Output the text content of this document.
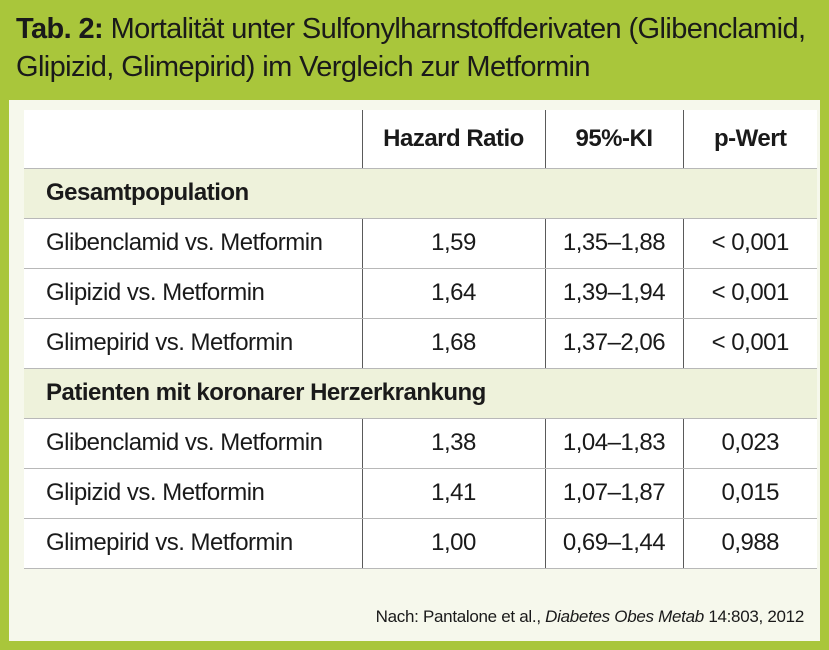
Tab. 2: Mortalität unter Sulfonylharnstoffderivaten (Glibenclamid, Glipizid, Glimepirid) im Vergleich zur Metformin
	Hazard Ratio	95%-KI	p-Wert
Gesamtpopulation			
Glibenclamid vs. Metformin	1,59	1,35–1,88	< 0,001
Glipizid vs. Metformin	1,64	1,39–1,94	< 0,001
Glimepirid vs. Metformin	1,68	1,37–2,06	< 0,001
Patienten mit koronarer Herzerkrankung			
Glibenclamid vs. Metformin	1,38	1,04–1,83	0,023
Glipizid vs. Metformin	1,41	1,07–1,87	0,015
Glimepirid vs. Metformin	1,00	0,69–1,44	0,988
Nach: Pantalone et al., Diabetes Obes Metab 14:803, 2012
